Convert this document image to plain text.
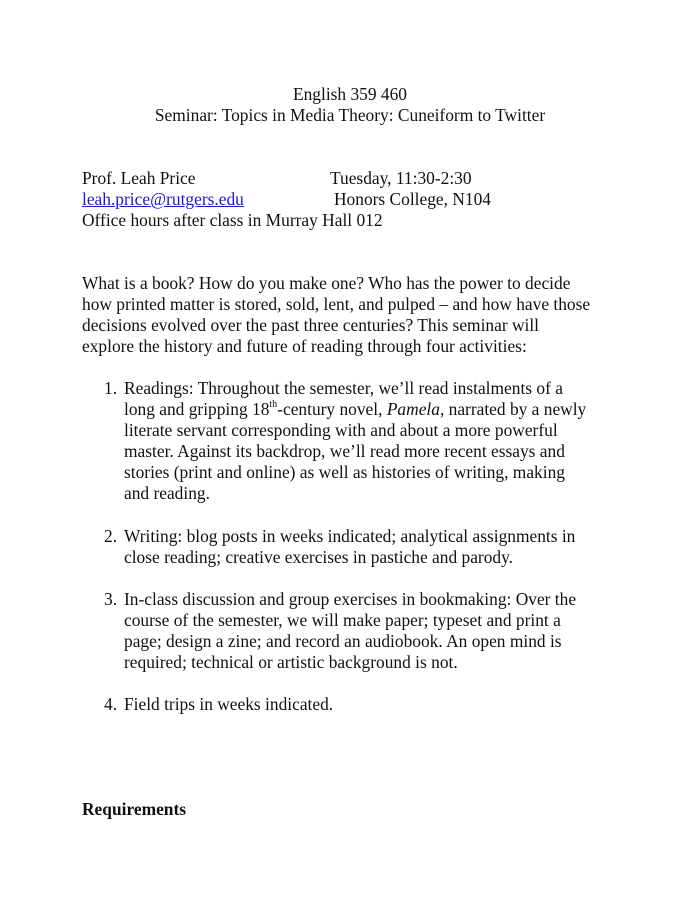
English 359 460
Seminar: Topics in Media Theory: Cuneiform to Twitter
Prof. Leah Price	Tuesday, 11:30-2:30
leah.price@rutgers.edu	Honors College, N104
Office hours after class in Murray Hall 012
What is a book? How do you make one? Who has the power to decide
how printed matter is stored, sold, lent, and pulped – and how have those
decisions evolved over the past three centuries? This seminar will
explore the history and future of reading through four activities:
1. Readings: Throughout the semester, we’ll read instalments of a
long and gripping 18th-century novel, Pamela, narrated by a newly
literate servant corresponding with and about a more powerful
master. Against its backdrop, we’ll read more recent essays and
stories (print and online) as well as histories of writing, making
and reading.
2. Writing: blog posts in weeks indicated; analytical assignments in
close reading; creative exercises in pastiche and parody.
3. In-class discussion and group exercises in bookmaking: Over the
course of the semester, we will make paper; typeset and print a
page; design a zine; and record an audiobook. An open mind is
required; technical or artistic background is not.
4. Field trips in weeks indicated.
Requirements
